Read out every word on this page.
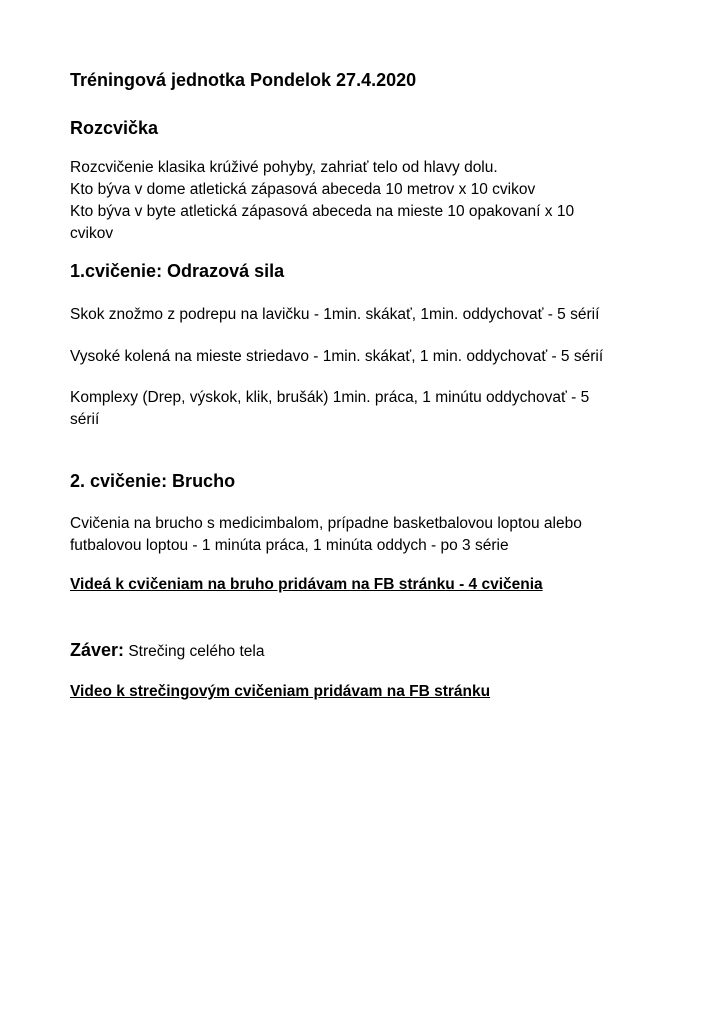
Tréningová jednotka Pondelok 27.4.2020
Rozcvička
Rozcvičenie klasika krúživé pohyby, zahriať telo od hlavy dolu.
Kto býva v dome atletická zápasová abeceda 10 metrov x 10 cvikov
Kto býva v byte atletická zápasová abeceda na mieste 10 opakovaní x 10
cvikov
1.cvičenie: Odrazová sila
Skok znožmo z podrepu na lavičku - 1min. skákať, 1min. oddychovať - 5 sérií
Vysoké kolená na mieste striedavo - 1min. skákať, 1 min. oddychovať - 5 sérií
Komplexy (Drep, výskok, klik, brušák) 1min. práca, 1 minútu oddychovať - 5
sérií
2. cvičenie: Brucho
Cvičenia na brucho s medicimbalom, prípadne basketbalovou loptou alebo
futbalovou loptou - 1 minúta práca, 1 minúta oddych - po 3 série
Videá k cvičeniam na bruho pridávam na FB stránku - 4 cvičenia
Záver: Strečing celého tela
Video k strečingovým cvičeniam pridávam na FB stránku
